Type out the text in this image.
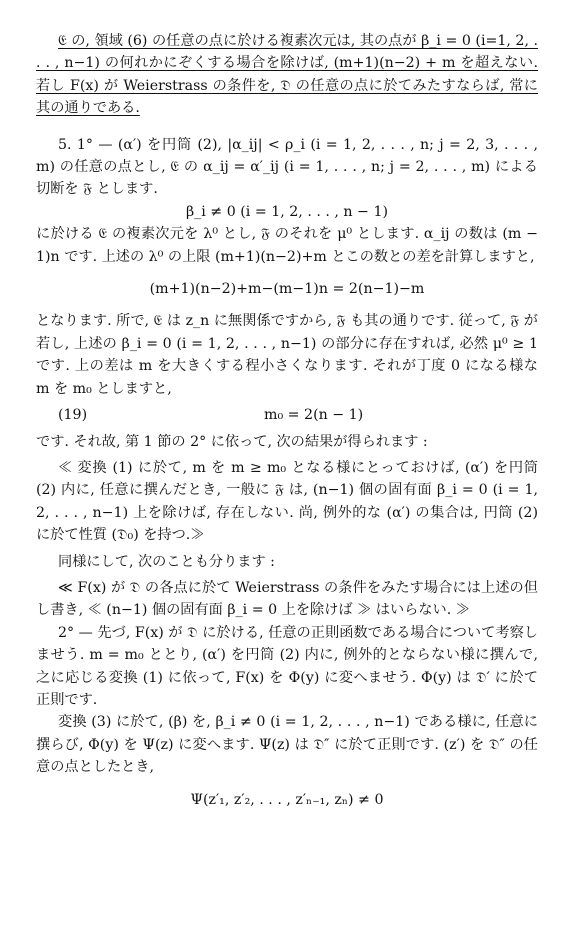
𝔈 の, 領域 (6) の任意の点に於ける複素次元は, 其の点が β_i = 0 (i=1, 2, . . . , n−1) の何れかにぞくする場合を除けば, (m+1)(n−2) + m を超えない. 若し F(x) が Weierstrass の条件を, 𝔇 の任意の点に於てみたすならば, 常に其の通りである.

5. 1° — (α′) を円筒 (2), |α_ij| < ρ_i (i = 1, 2, . . . , n; j = 2, 3, . . . , m) の任意の点とし, 𝔈 の α_ij = α′_ij (i = 1, . . . , n; j = 2, . . . , m) による切断を 𝔉 とします.

β_i ≠ 0 (i = 1, 2, . . . , n − 1)

に於ける 𝔈 の複素次元を λ⁰ とし, 𝔉 のそれを μ⁰ とします. α_ij の数は (m − 1)n です. 上述の λ⁰ の上限 (m+1)(n−2)+m とこの数との差を計算しますと,

(m+1)(n−2)+m−(m−1)n = 2(n−1)−m

となります. 所で, 𝔈 は z_n に無関係ですから, 𝔉 も其の通りです. 従って, 𝔉 が若し, 上述の β_i = 0 (i = 1, 2, . . . , n−1) の部分に存在すれば, 必然 μ⁰ ≥ 1 です. 上の差は m を大きくする程小さくなります. それが丁度 0 になる様な m を m₀ としますと,

(19)	m₀ = 2(n − 1)

です. それ故, 第 1 節の 2° に依って, 次の結果が得られます :

≪ 変換 (1) に於て, m を m ≥ m₀ となる様にとっておけば, (α′) を円筒 (2) 内に, 任意に撰んだとき, 一般に 𝔉 は, (n−1) 個の固有面 β_i = 0 (i = 1, 2, . . . , n−1) 上を除けば, 存在しない. 尚, 例外的な (α′) の集合は, 円筒 (2) に於て性質 (𝔇₀) を持つ.≫

同様にして, 次のことも分ります :

≪ F(x) が 𝔇 の各点に於て Weierstrass の条件をみたす場合には上述の但し書き, ≪ (n−1) 個の固有面 β_i = 0 上を除けば ≫ はいらない. ≫

2° — 先づ, F(x) が 𝔇 に於ける, 任意の正則函数である場合について考察しませう. m = m₀ ととり, (α′) を円筒 (2) 内に, 例外的とならない様に撰んで, 之に応じる変換 (1) に依って, F(x) を Φ(y) に変へませう. Φ(y) は 𝔇′ に於て正則です.

変換 (3) に於て, (β) を, β_i ≠ 0 (i = 1, 2, . . . , n−1) である様に, 任意に撰らび, Φ(y) を Ψ(z) に変へます. Ψ(z) は 𝔇″ に於て正則です. (z′) を 𝔇″ の任意の点としたとき,

Ψ(z′₁, z′₂, . . . , z′ₙ₋₁, zₙ) ≠ 0
